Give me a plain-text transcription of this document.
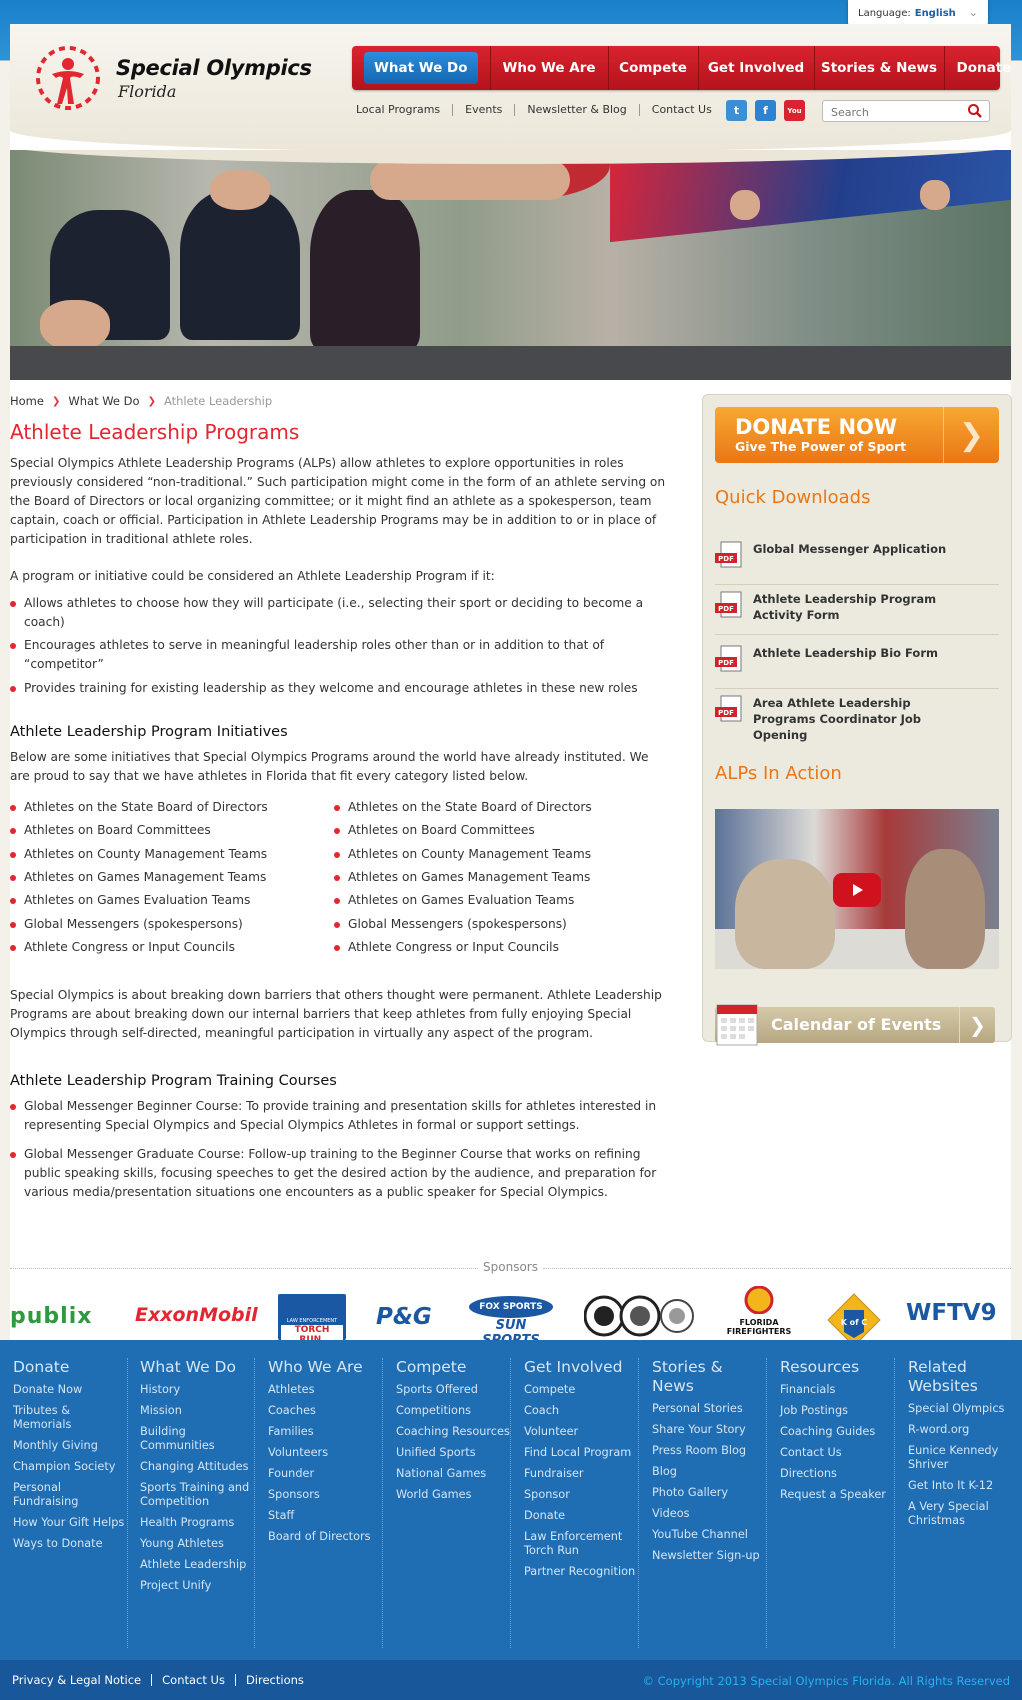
Language: English ⌄
Special Olympics
Florida
What We Do	Who We Are Compete Get Involved Stories & News Donate
Local Programs	Events	Newsletter & Blog	Contact Us	t	f	You
Search
Home ❯ What We Do ❯ Athlete Leadership
Athlete Leadership Programs

Special Olympics Athlete Leadership Programs (ALPs) allow athletes to explore opportunities in roles previously considered “non-traditional.” Such participation might come in the form of an athlete serving on the Board of Directors or local organizing committee; or it might find an athlete as a spokesperson, team captain, coach or official. Participation in Athlete Leadership Programs may be in addition to or in place of participation in traditional athlete roles.

A program or initiative could be considered an Athlete Leadership Program if it:

Allows athletes to choose how they will participate (i.e., selecting their sport or deciding to become a coach)
Encourages athletes to serve in meaningful leadership roles other than or in addition to that of “competitor”
Provides training for existing leadership as they welcome and encourage athletes in these new roles
Athlete Leadership Program Initiatives

Below are some initiatives that Special Olympics Programs around the world have already instituted. We are proud to say that we have athletes in Florida that fit every category listed below.

Athletes on the State Board of Directors
Athletes on Board Committees
Athletes on County Management Teams
Athletes on Games Management Teams
Athletes on Games Evaluation Teams
Global Messengers (spokespersons)
Athlete Congress or Input Councils
Athletes on the State Board of Directors
Athletes on Board Committees
Athletes on County Management Teams
Athletes on Games Management Teams
Athletes on Games Evaluation Teams
Global Messengers (spokespersons)
Athlete Congress or Input Councils

Special Olympics is about breaking down barriers that others thought were permanent. Athlete Leadership Programs are about breaking down our internal barriers that keep athletes from fully enjoying Special Olympics through self-directed, meaningful participation in virtually any aspect of the program.

Athlete Leadership Program Training Courses
Global Messenger Beginner Course: To provide training and presentation skills for athletes interested in representing Special Olympics and Special Olympics Athletes in formal or support settings.
Global Messenger Graduate Course: Follow-up training to the Beginner Course that works on refining public speaking skills, focusing speeches to get the desired action by the audience, and preparation for various media/presentation situations one encounters as a public speaker for Special Olympics.
DONATE NOW
Give The Power of Sport	❯
Quick Downloads
PDF
Global Messenger Application
PDF
Athlete Leadership Program Activity Form
PDF
Athlete Leadership Bio Form
PDF
Area Athlete Leadership Programs Coordinator Job Opening
ALPs In Action
Calendar of Events	❯
Sponsors
publix ExxonMobil	LAW ENFORCEMENT
TORCH	P&G	FOX SPORTS
SUN	FLORIDA FIREFIGHTERS
K of C WFTV9
Donate
Donate Now
Tributes & Memorials
Monthly Giving
Champion Society
Personal Fundraising
How Your Gift Helps
Ways to Donate
What We Do
History
Mission
Building Communities
Changing Attitudes
Sports Training and Competition
Health Programs
Young Athletes
Athlete Leadership
Project Unify
Who We Are
Athletes
Coaches
Families
Volunteers
Founder
Sponsors
Staff
Board of Directors
Compete
Sports Offered
Competitions
Coaching Resources
Unified Sports
National Games
World Games
Get Involved
Compete
Coach
Volunteer
Find Local Program
Fundraiser
Sponsor
Donate
Law Enforcement Torch Run
Partner Recognition
Stories & News
Personal Stories
Share Your Story
Press Room Blog
Blog
Photo Gallery
Videos
YouTube Channel
Newsletter Sign-up
Resources
Financials
Job Postings
Coaching Guides
Contact Us
Directions
Request a Speaker
Related Websites
Special Olympics
R-word.org
Eunice Kennedy Shriver
Get Into It K-12
A Very Special Christmas
Privacy & Legal Notice	Contact Us	Directions	© Copyright 2013 Special Olympics Florida. All Rights Reserved
